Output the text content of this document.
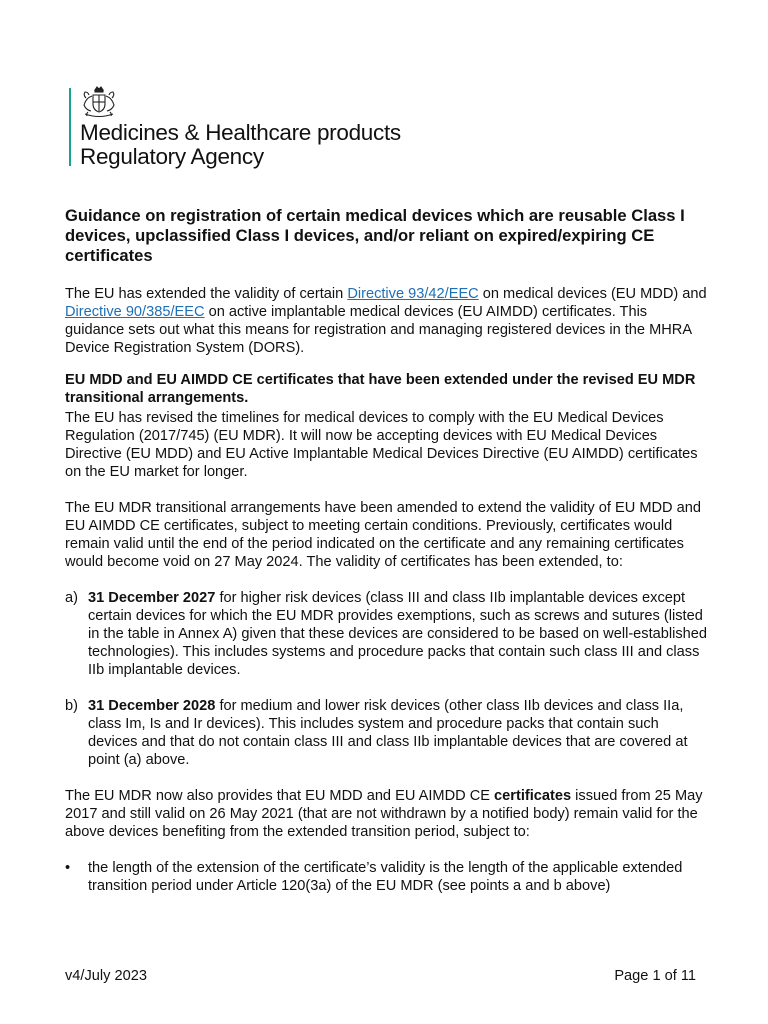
Medicines & Healthcare products
Regulatory Agency
Guidance on registration of certain medical devices which are reusable Class I devices, upclassified Class I devices, and/or reliant on expired/expiring CE certificates

The EU has extended the validity of certain Directive 93/42/EEC on medical devices (EU MDD) and Directive 90/385/EEC on active implantable medical devices (EU AIMDD) certificates. This guidance sets out what this means for registration and managing registered devices in the MHRA Device Registration System (DORS).

EU MDD and EU AIMDD CE certificates that have been extended under the revised EU MDR transitional arrangements.

The EU has revised the timelines for medical devices to comply with the EU Medical Devices Regulation (2017/745) (EU MDR). It will now be accepting devices with EU Medical Devices Directive (EU MDD) and EU Active Implantable Medical Devices Directive (EU AIMDD) certificates on the EU market for longer.

The EU MDR transitional arrangements have been amended to extend the validity of EU MDD and EU AIMDD CE certificates, subject to meeting certain conditions. Previously, certificates would remain valid until the end of the period indicated on the certificate and any remaining certificates would become void on 27 May 2024. The validity of certificates has been extended, to:

a) 31 December 2027 for higher risk devices (class III and class IIb implantable devices except certain devices for which the EU MDR provides exemptions, such as screws and sutures (listed in the table in Annex A) given that these devices are considered to be based on well-established technologies). This includes systems and procedure packs that contain such class III and class IIb implantable devices.
b) 31 December 2028 for medium and lower risk devices (other class IIb devices and class IIa, class Im, Is and Ir devices). This includes system and procedure packs that contain such devices and that do not contain class III and class IIb implantable devices that are covered at point (a) above.

The EU MDR now also provides that EU MDD and EU AIMDD CE certificates issued from 25 May 2017 and still valid on 26 May 2021 (that are not withdrawn by a notified body) remain valid for the above devices benefiting from the extended transition period, subject to:

•	the length of the extension of the certificate’s validity is the length of the applicable extended transition period under Article 120(3a) of the EU MDR (see points a and b above)
v4/July 2023	Page 1 of 11
